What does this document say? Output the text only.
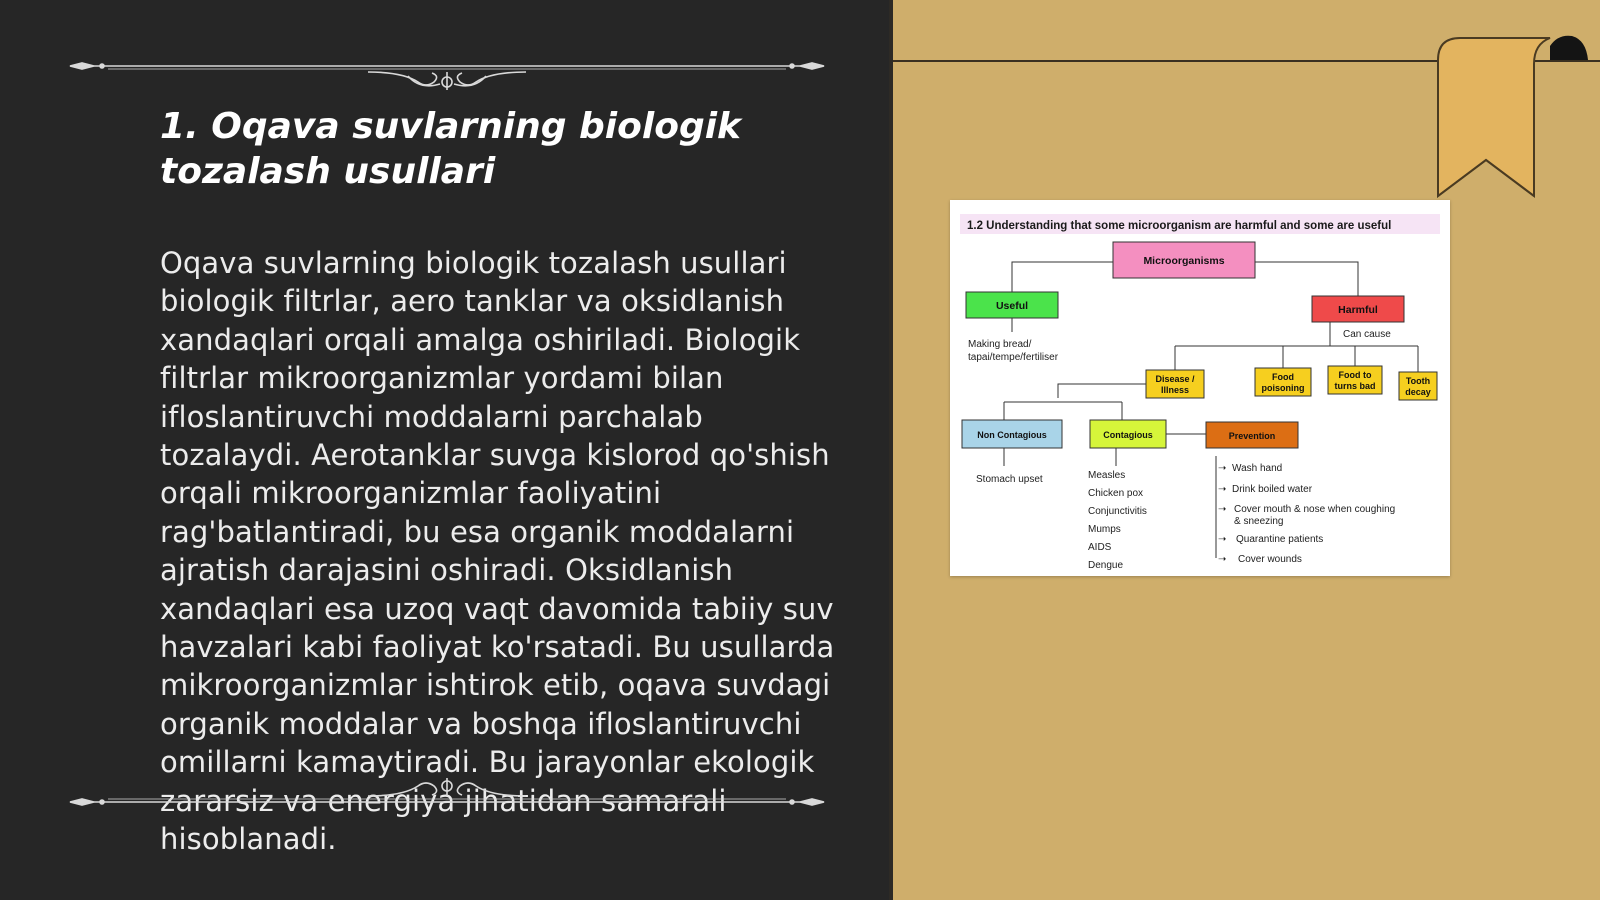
1. Oqava suvlarning biologik tozalash usullari

Oqava suvlarning biologik tozalash usullari biologik filtrlar, aero tanklar va oksidlanish xandaqlari orqali amalga oshiriladi. Biologik filtrlar mikroorganizmlar yordami bilan ifloslantiruvchi moddalarni parchalab tozalaydi. Aerotanklar suvga kislorod qo'shish orqali mikroorganizmlar faoliyatini rag'batlantiradi, bu esa organik moddalarni ajratish darajasini oshiradi. Oksidlanish xandaqlari esa uzoq vaqt davomida tabiiy suv havzalari kabi faoliyat ko'rsatadi. Bu usullarda mikroorganizmlar ishtirok etib, oqava suvdagi organik moddalar va boshqa ifloslantiruvchi omillarni kamaytiradi. Bu jarayonlar ekologik zararsiz va energiya jihatidan samarali hisoblanadi.

1.2 Understanding that some microorganism are harmful and some are useful
Microorganisms
Useful
Making bread/
tapai/tempe/fertiliser
Harmful
Can cause
Disease /
Illness
Food
poisoning
Food to
turns bad	Tooth
decay
Non Contagious
Stomach upset
Contagious
Measles
Chicken pox
Conjunctivitis
Mumps
AIDS
Dengue
Prevention
➝ Wash hand
➝ Drink boiled water
➝ Cover mouth & nose when coughing
& sneezing
➝ Quarantine patients
➝ Cover wounds
